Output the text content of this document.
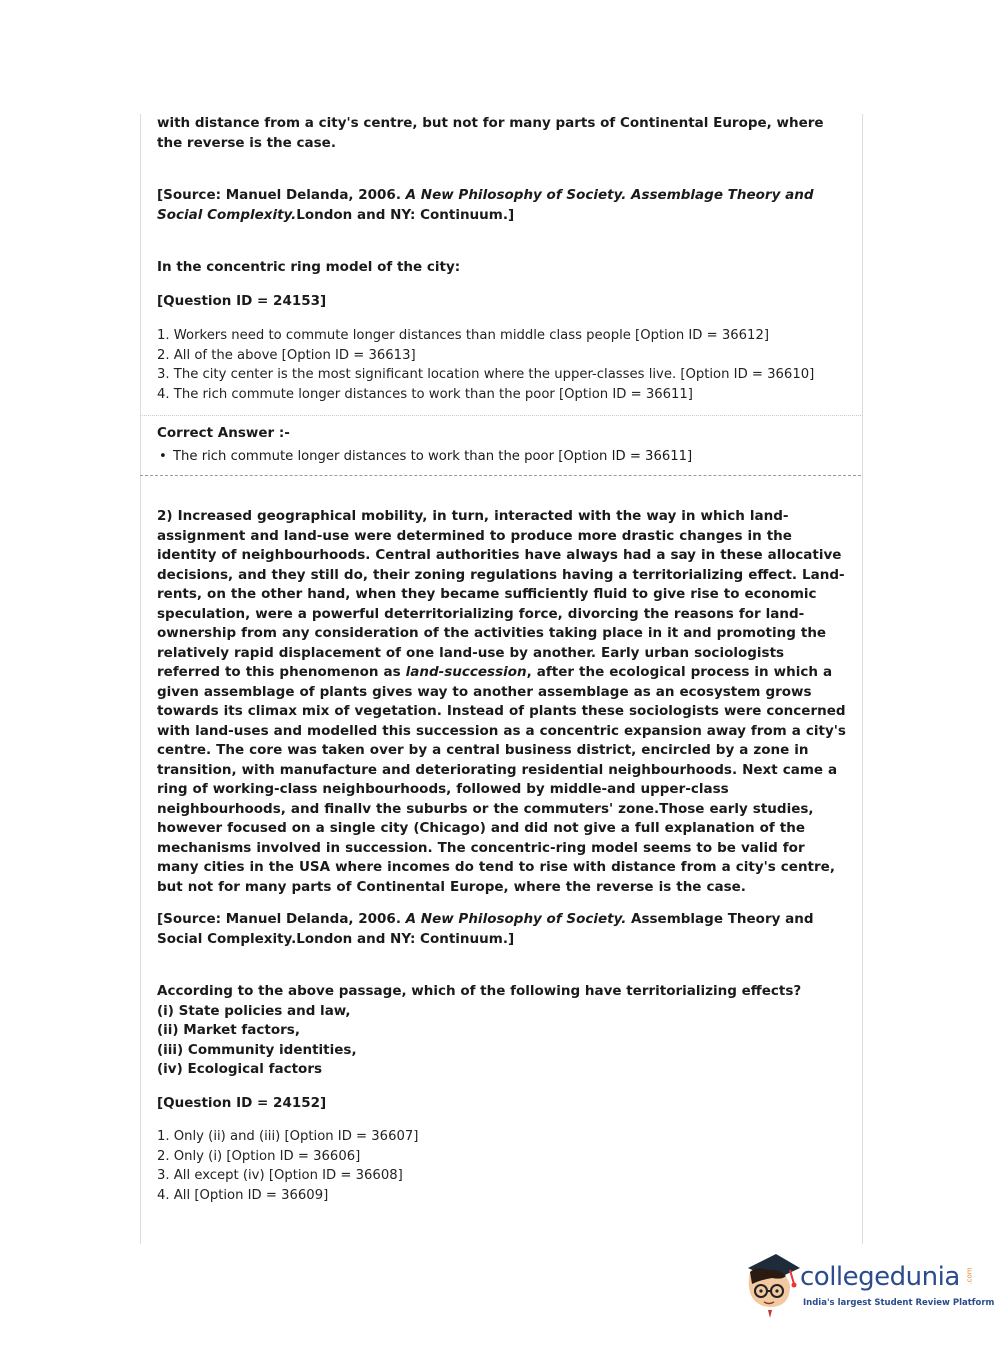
with distance from a city's centre, but not for many parts of Continental Europe, where the reverse is the case.

[Source: Manuel Delanda, 2006. A New Philosophy of Society. Assemblage Theory and Social Complexity.London and NY: Continuum.]

In the concentric ring model of the city:

[Question ID = 24153]

1. Workers need to commute longer distances than middle class people [Option ID = 36612]

2. All of the above [Option ID = 36613]

3. The city center is the most significant location where the upper-classes live. [Option ID = 36610]

4. The rich commute longer distances to work than the poor [Option ID = 36611]

Correct Answer :-

• The rich commute longer distances to work than the poor [Option ID = 36611]

2) Increased geographical mobility, in turn, interacted with the way in which land-assignment and land-use were determined to produce more drastic changes in the identity of neighbourhoods. Central authorities have always had a say in these allocative decisions, and they still do, their zoning regulations having a territorializing effect. Land-rents, on the other hand, when they became sufficiently fluid to give rise to economic speculation, were a powerful deterritorializing force, divorcing the reasons for land-ownership from any consideration of the activities taking place in it and promoting the relatively rapid displacement of one land-use by another. Early urban sociologists referred to this phenomenon as land-succession, after the ecological process in which a given assemblage of plants gives way to another assemblage as an ecosystem grows towards its climax mix of vegetation. Instead of plants these sociologists were concerned with land-uses and modelled this succession as a concentric expansion away from a city's centre. The core was taken over by a central business district, encircled by a zone in transition, with manufacture and deteriorating residential neighbourhoods. Next came a ring of working-class neighbourhoods, followed by middle-and upper-class neighbourhoods, and finallv the suburbs or the commuters' zone.Those early studies, however focused on a single city (Chicago) and did not give a full explanation of the mechanisms involved in succession. The concentric-ring model seems to be valid for many cities in the USA where incomes do tend to rise with distance from a city's centre, but not for many parts of Continental Europe, where the reverse is the case.

[Source: Manuel Delanda, 2006. A New Philosophy of Society. Assemblage Theory and Social Complexity.London and NY: Continuum.]

According to the above passage, which of the following have territorializing effects?

(i) State policies and law,

(ii) Market factors,

(iii) Community identities,

(iv) Ecological factors

[Question ID = 24152]

1. Only (ii) and (iii) [Option ID = 36607]

2. Only (i) [Option ID = 36606]

3. All except (iv) [Option ID = 36608]

4. All [Option ID = 36609]

collegedunia .com
India's largest Student Review Platform
